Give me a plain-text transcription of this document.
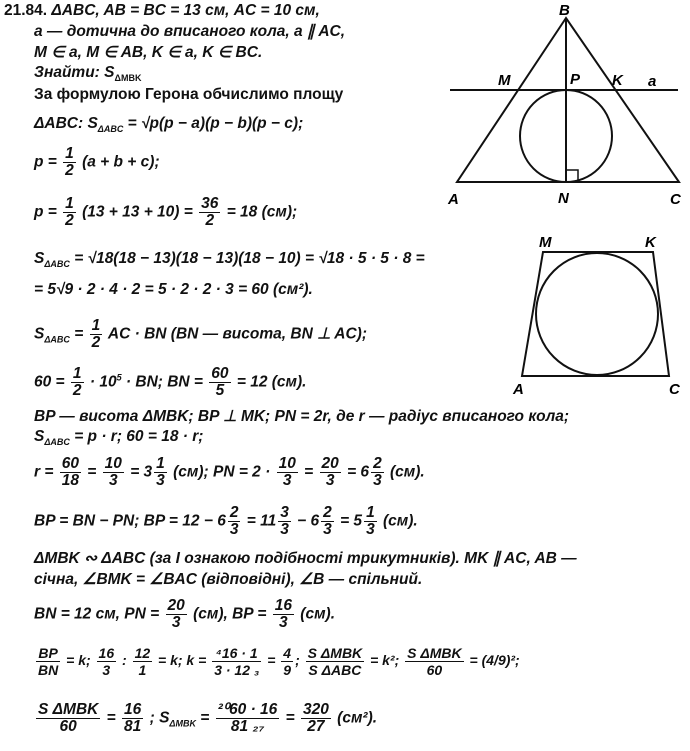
21.84. ΔABC, AB = BC = 13 см, AC = 10 см,
a — дотична до вписаного кола, a ∥ AC,
M ∈ a, M ∈ AB, K ∈ a, K ∈ BC.
Знайти: $S_{\Delta MBK}$
За формулою Герона обчислимо площу
ΔABC: $S_{\Delta ABC} = √p(p - a)(p - b)(p - c)$;
$p = \frac{1}{2} (a + b + c)$;
$p = \frac{1}{2} (13 + 13 + 10) = \frac{36}{2} = 18$ (см);
$S_{\Delta ABC} = √18(18 - 13)(18 - 13)(18 - 10) = √18 \cdot 5 \cdot 5 \cdot 8$ =
= 5√9 · 2 · 4 · 2 = 5 · 2 · 2 · 3 = 60 (см²).
$S_{\Delta ABC} = \frac{1}{2}$ AC · BN (BN — висота, BN ⊥ AC);
$60 = \frac{1}{2} \cdot 10^5$ · BN; BN = $\frac{60}{5} = 12$ (см).
BP — висота ΔMBK; BP ⊥ MK; PN = 2r, де r — радіус вписаного кола;
$S_{\Delta ABC} = p \cdot r$; 60 = 18 · r;
$r = \frac{60}{18} = \frac{10}{3} = 3 \frac{1}{3} (см)$; PN = $2 \cdot \frac{10}{3} = \frac{20}{3} = 6 \frac{2}{3} (см)$.
BP = BN − PN; BP = $12 - 6 \frac{2}{3} = 11 \frac{3}{3} - 6 \frac{2}{3} = 5 \frac{1}{3} (см)$.
ΔMBK ∾ ΔABC (за I ознакою подібності трикутників). MK ∥ AC, AB —
січна, ∠BMK = ∠BAC (відповідні), ∠B — спільний.
BN = 12 см, PN = $\frac{20}{3} (см)$, BP = $\frac{16}{3} (см)$.
$\frac{BP}{BN} = k$; $\frac{16}{3}$ : $\frac{12}{1} = k$; $k = \frac{\text{⁴16 · 1}}{\text{3 · 12 ₃}} = \frac{4}{9}$ ; $\frac{\text{S ΔMBK}}{\text{S ΔABC}} = k^2$; $\frac{\text{S ΔMBK}}{60} = (4/9)^2$;
$\frac{\text{S ΔMBK}}{60} = \frac{16}{81}$ ; $S_{\Delta MBK} = \frac{\text{²⁰60 · 16}}{\text{81 ₂₇}} = \frac{320}{27} (см^2)$.
B
M	P K a
A	N	C
M	K
A	C
